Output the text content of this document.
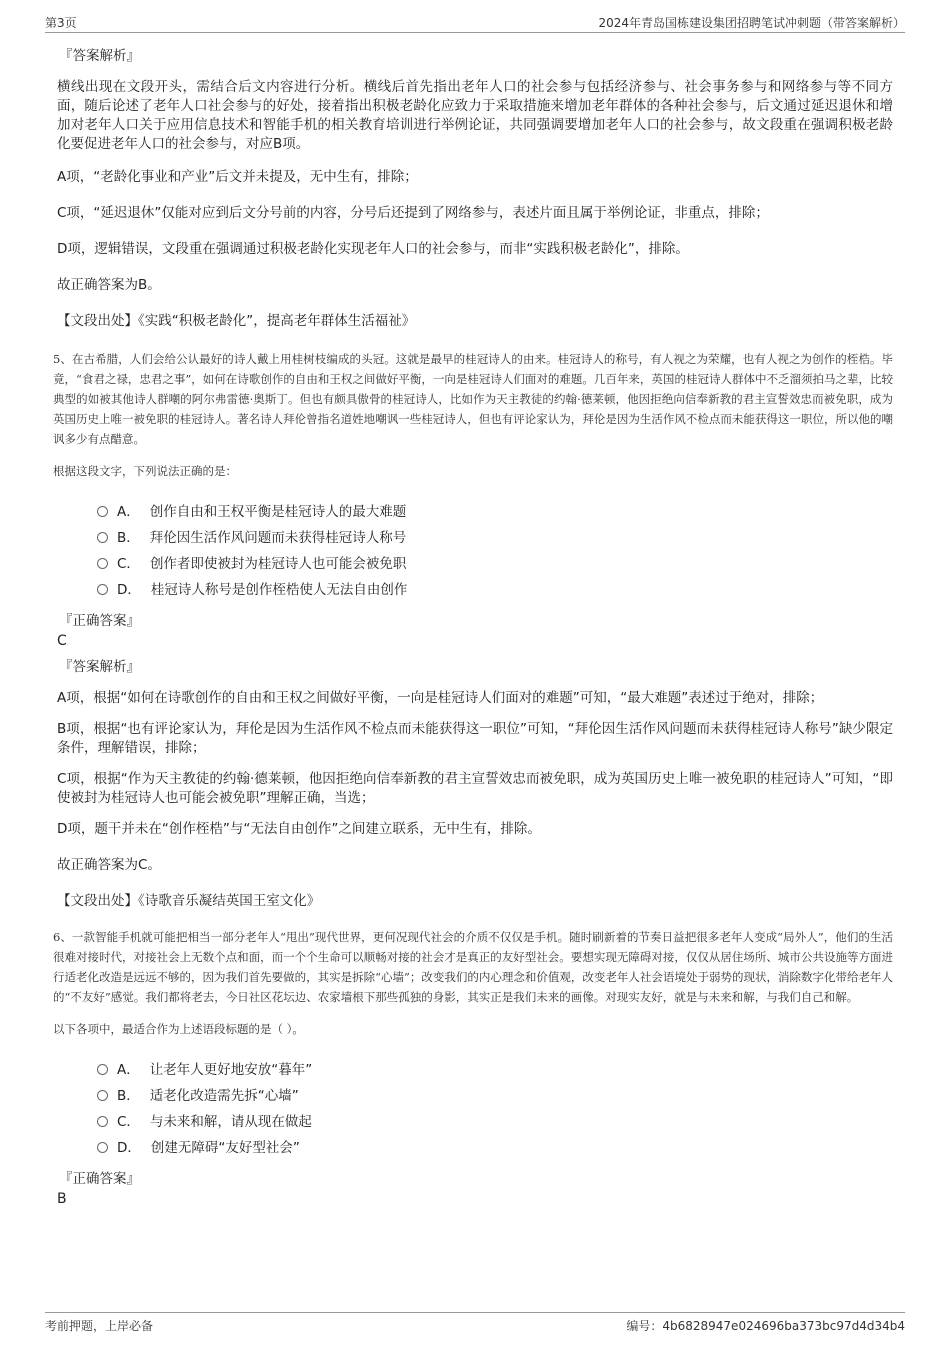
第3页	2024年青岛国栋建设集团招聘笔试冲刺题（带答案解析）

『答案解析』

横线出现在文段开头，需结合后文内容进行分析。横线后首先指出老年人口的社会参与包括经济参与、社会事务参与和网络参与等不同方面，随后论述了老年人口社会参与的好处，接着指出积极老龄化应致力于采取措施来增加老年群体的各种社会参与，后文通过延迟退休和增加对老年人口关于应用信息技术和智能手机的相关教育培训进行举例论证，共同强调要增加老年人口的社会参与，故文段重在强调积极老龄化要促进老年人口的社会参与，对应B项。

A项，“老龄化事业和产业”后文并未提及，无中生有，排除；

C项，“延迟退休”仅能对应到后文分号前的内容，分号后还提到了网络参与，表述片面且属于举例论证，非重点，排除；

D项，逻辑错误，文段重在强调通过积极老龄化实现老年人口的社会参与，而非“实践积极老龄化”，排除。

故正确答案为B。

【文段出处】《实践“积极老龄化”，提高老年群体生活福祉》

5、在古希腊，人们会给公认最好的诗人戴上用桂树枝编成的头冠。这就是最早的桂冠诗人的由来。桂冠诗人的称号，有人视之为荣耀，也有人视之为创作的桎梏。毕竟，“食君之禄，忠君之事”，如何在诗歌创作的自由和王权之间做好平衡，一向是桂冠诗人们面对的难题。几百年来，英国的桂冠诗人群体中不乏溜须拍马之辈，比较典型的如被其他诗人群嘲的阿尔弗雷德·奥斯丁。但也有颇具傲骨的桂冠诗人，比如作为天主教徒的约翰·德莱顿，他因拒绝向信奉新教的君主宣誓效忠而被免职，成为英国历史上唯一被免职的桂冠诗人。著名诗人拜伦曾指名道姓地嘲讽一些桂冠诗人，但也有评论家认为，拜伦是因为生活作风不检点而未能获得这一职位，所以他的嘲讽多少有点醋意。

根据这段文字，下列说法正确的是：

A． 创作自由和王权平衡是桂冠诗人的最大难题
B． 拜伦因生活作风问题而未获得桂冠诗人称号
C． 创作者即使被封为桂冠诗人也可能会被免职
D． 桂冠诗人称号是创作桎梏使人无法自由创作

『正确答案』

C

『答案解析』

A项，根据“如何在诗歌创作的自由和王权之间做好平衡，一向是桂冠诗人们面对的难题”可知，“最大难题”表述过于绝对，排除；

B项，根据“也有评论家认为，拜伦是因为生活作风不检点而未能获得这一职位”可知，“拜伦因生活作风问题而未获得桂冠诗人称号”缺少限定条件，理解错误，排除；

C项，根据“作为天主教徒的约翰·德莱顿，他因拒绝向信奉新教的君主宣誓效忠而被免职，成为英国历史上唯一被免职的桂冠诗人”可知，“即使被封为桂冠诗人也可能会被免职”理解正确，当选；

D项，题干并未在“创作桎梏”与“无法自由创作”之间建立联系，无中生有，排除。

故正确答案为C。

【文段出处】《诗歌音乐凝结英国王室文化》

6、一款智能手机就可能把相当一部分老年人“甩出”现代世界，更何况现代社会的介质不仅仅是手机。随时刷新着的节奏日益把很多老年人变成“局外人”，他们的生活很难对接时代，对接社会上无数个点和面，而一个个生命可以顺畅对接的社会才是真正的友好型社会。要想实现无障碍对接，仅仅从居住场所、城市公共设施等方面进行适老化改造是远远不够的，因为我们首先要做的，其实是拆除“心墙”；改变我们的内心理念和价值观，改变老年人社会语境处于弱势的现状，消除数字化带给老年人的“不友好”感觉。我们都将老去，今日社区花坛边、农家墙根下那些孤独的身影，其实正是我们未来的画像。对现实友好，就是与未来和解，与我们自己和解。

以下各项中，最适合作为上述语段标题的是（ ）。

A． 让老年人更好地安放“暮年”
B． 适老化改造需先拆“心墙”
C． 与未来和解，请从现在做起
D． 创建无障碍“友好型社会”

『正确答案』

B

考前押题，上岸必备	编号：4b6828947e024696ba373bc97d4d34b4
